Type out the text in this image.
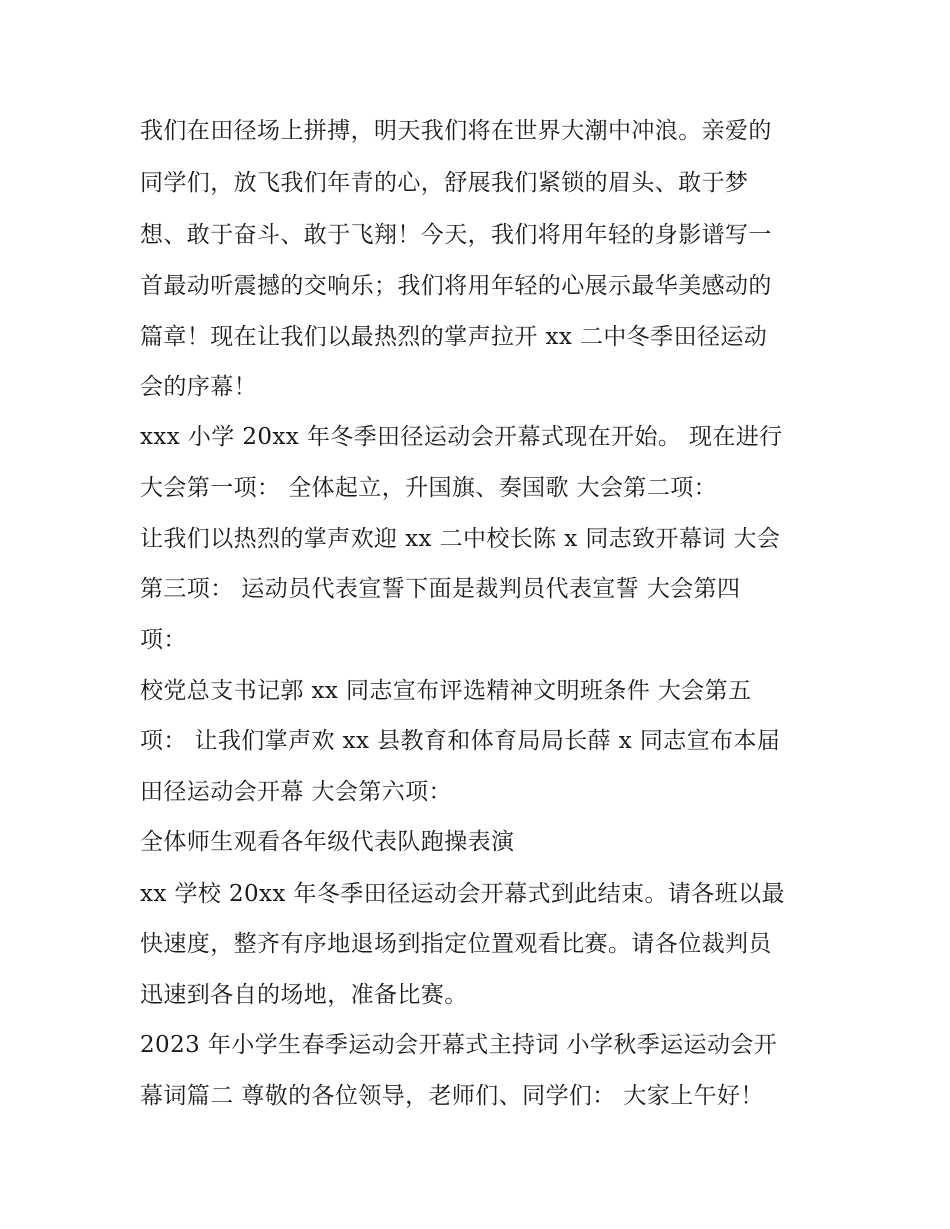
我们在田径场上拼搏，明天我们将在世界大潮中冲浪。亲爱的
同学们，放飞我们年青的心，舒展我们紧锁的眉头、敢于梦
想、敢于奋斗、敢于飞翔！今天，我们将用年轻的身影谱写一
首最动听震撼的交响乐；我们将用年轻的心展示最华美感动的
篇章！现在让我们以最热烈的掌声拉开 xx 二中冬季田径运动
会的序幕！
xxx 小学 20xx 年冬季田径运动会开幕式现在开始。 现在进行
大会第一项： 全体起立，升国旗、奏国歌 大会第二项：
让我们以热烈的掌声欢迎 xx 二中校长陈 x 同志致开幕词 大会
第三项： 运动员代表宣誓下面是裁判员代表宣誓 大会第四
项：
校党总支书记郭 xx 同志宣布评选精神文明班条件 大会第五
项： 让我们掌声欢 xx 县教育和体育局局长薛 x 同志宣布本届
田径运动会开幕 大会第六项：
全体师生观看各年级代表队跑操表演
xx 学校 20xx 年冬季田径运动会开幕式到此结束。请各班以最
快速度，整齐有序地退场到指定位置观看比赛。请各位裁判员
迅速到各自的场地，准备比赛。
2023 年小学生春季运动会开幕式主持词 小学秋季运运动会开
幕词篇二 尊敬的各位领导，老师们、同学们： 大家上午好！
